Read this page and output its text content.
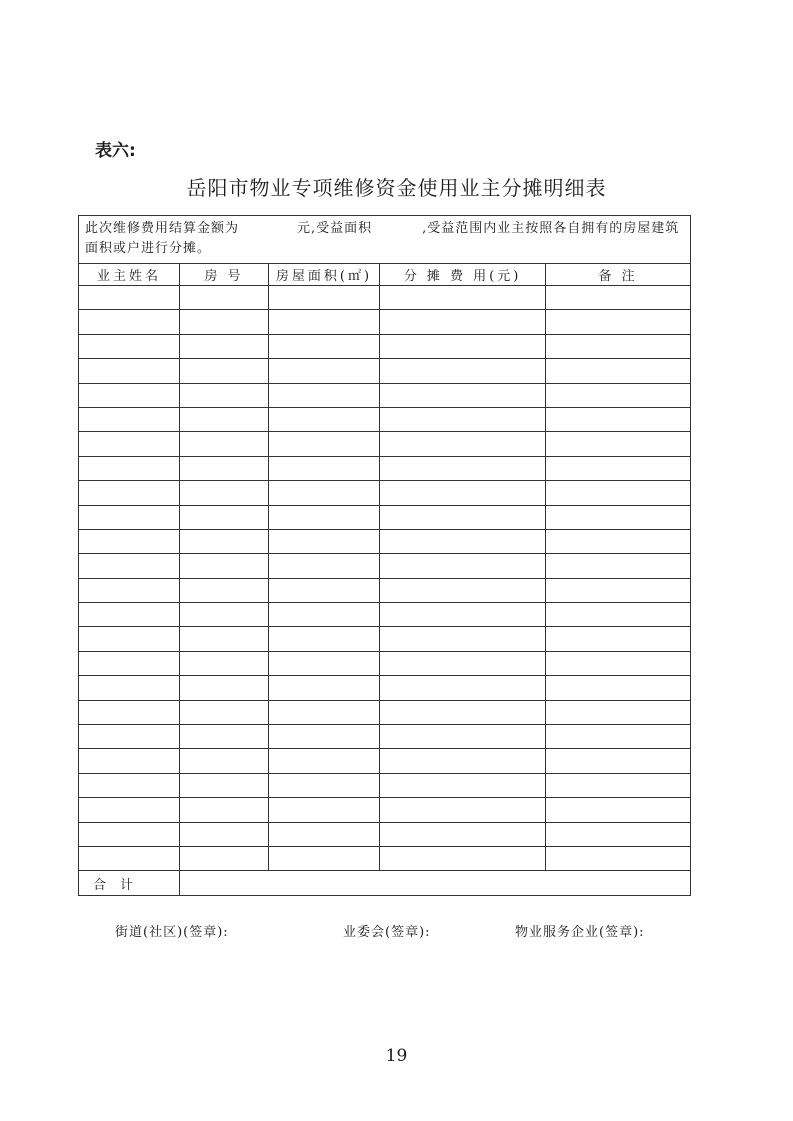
表六:
岳阳市物业专项维修资金使用业主分摊明细表
此次维修费用结算金额为 元,受益面积 ,受益范围内业主按照各自拥有的房屋建筑面积或户进行分摊。				
业主姓名	房 号	房屋面积(㎡)	分 摊 费 用(元)	备 注

合计				
街道(社区)(签章):	业委会(签章):	物业服务企业(签章):
19
